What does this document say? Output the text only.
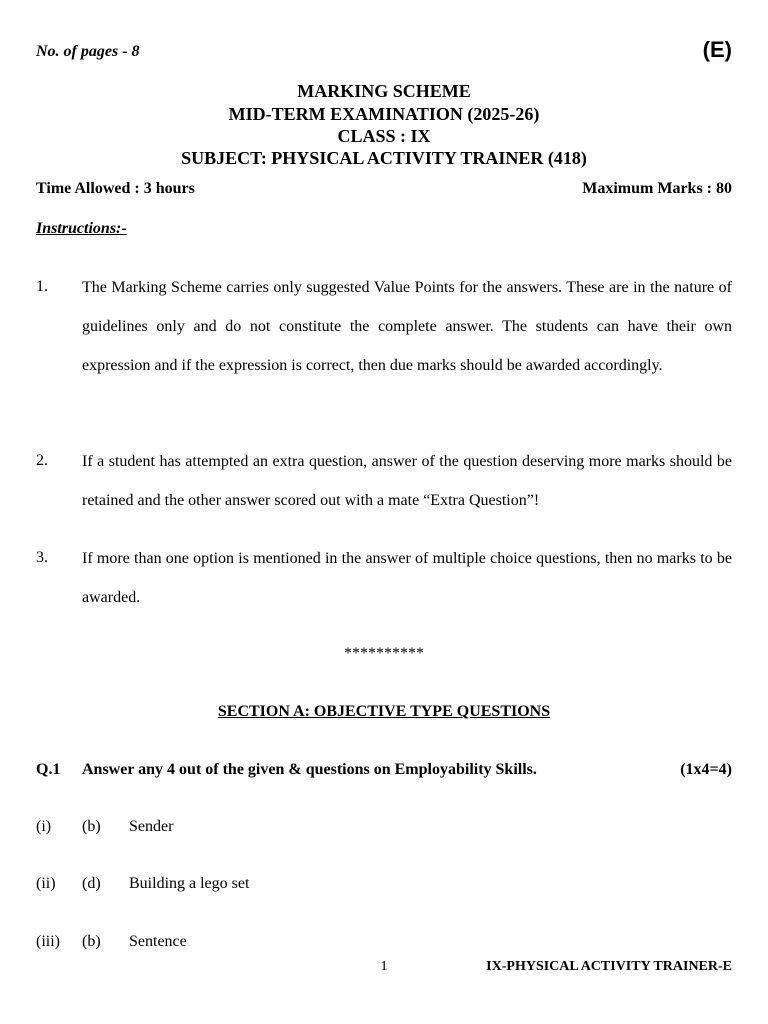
No. of pages - 8	(E)
MARKING SCHEME
MID-TERM EXAMINATION (2025-26)
CLASS : IX
SUBJECT: PHYSICAL ACTIVITY TRAINER (418)
Time Allowed : 3 hours	Maximum Marks : 80
Instructions:-
1. The Marking Scheme carries only suggested Value Points for the answers. These are in the nature of guidelines only and do not constitute the complete answer. The students can have their own expression and if the expression is correct, then due marks should be awarded accordingly.
2. If a student has attempted an extra question, answer of the question deserving more marks should be retained and the other answer scored out with a mate “Extra Question”!
3. If more than one option is mentioned in the answer of multiple choice questions, then no marks to be awarded.
**********
SECTION A: OBJECTIVE TYPE QUESTIONS
Q.1 Answer any 4 out of the given & questions on Employability Skills.	(1x4=4)
(i) (b) Sender
(ii) (d) Building a lego set
(iii) (b) Sentence
1	IX-PHYSICAL ACTIVITY TRAINER-E
